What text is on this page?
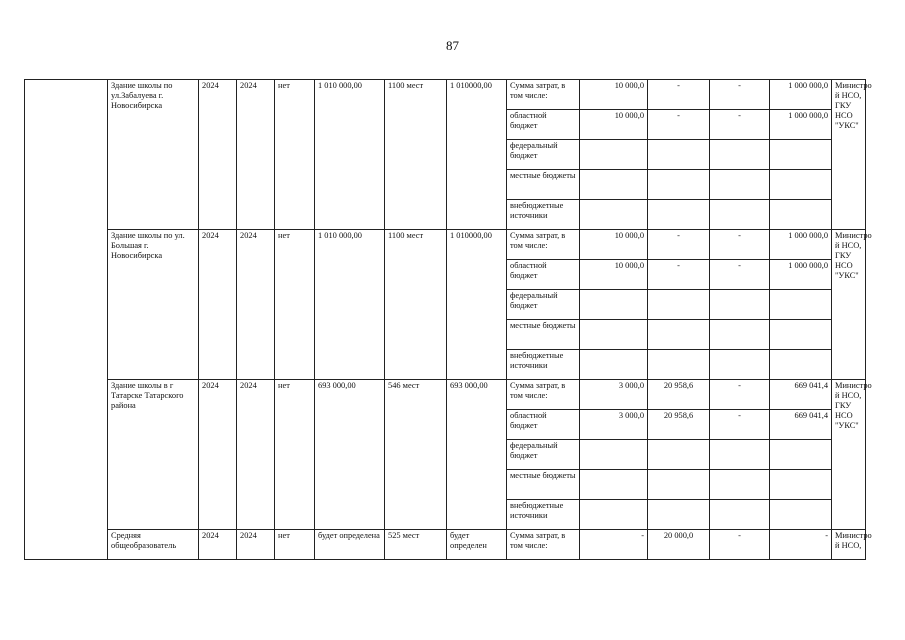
87
	Здание школы по ул.Забалуева г. Новосибирска	2024	2024	нет	1 010 000,00	1100 мест	1 010000,00	Сумма затрат, в том числе:	10 000,0	-	-	1 000 000,0	Министро й НСО, ГКУ НСО "УКС"
								областной бюджет	10 000,0	-	-	1 000 000,0	
								федеральный бюджет					
								местные бюджеты					
								внебюджетные источники					
	Здание школы по ул. Большая г. Новосибирска	2024	2024	нет	1 010 000,00	1100 мест	1 010000,00	Сумма затрат, в том числе:	10 000,0	-	-	1 000 000,0	Министро й НСО, ГКУ НСО "УКС"
								областной бюджет	10 000,0	-	-	1 000 000,0	
								федеральный бюджет					
								местные бюджеты					
								внебюджетные источники					
	Здание школы в г Татарске Татарского района	2024	2024	нет	693 000,00	546 мест	693 000,00	Сумма затрат, в том числе:	3 000,0	20 958,6	-	669 041,4	Министро й НСО, ГКУ НСО "УКС"
								областной бюджет	3 000,0	20 958,6	-	669 041,4	
								федеральный бюджет					
								местные бюджеты					
								внебюджетные источники					
	Средняя общеобразователь	2024	2024	нет	будет определена	525 мест	будет определен	Сумма затрат, в том числе:	-	20 000,0	-	-	Министро й НСО,
